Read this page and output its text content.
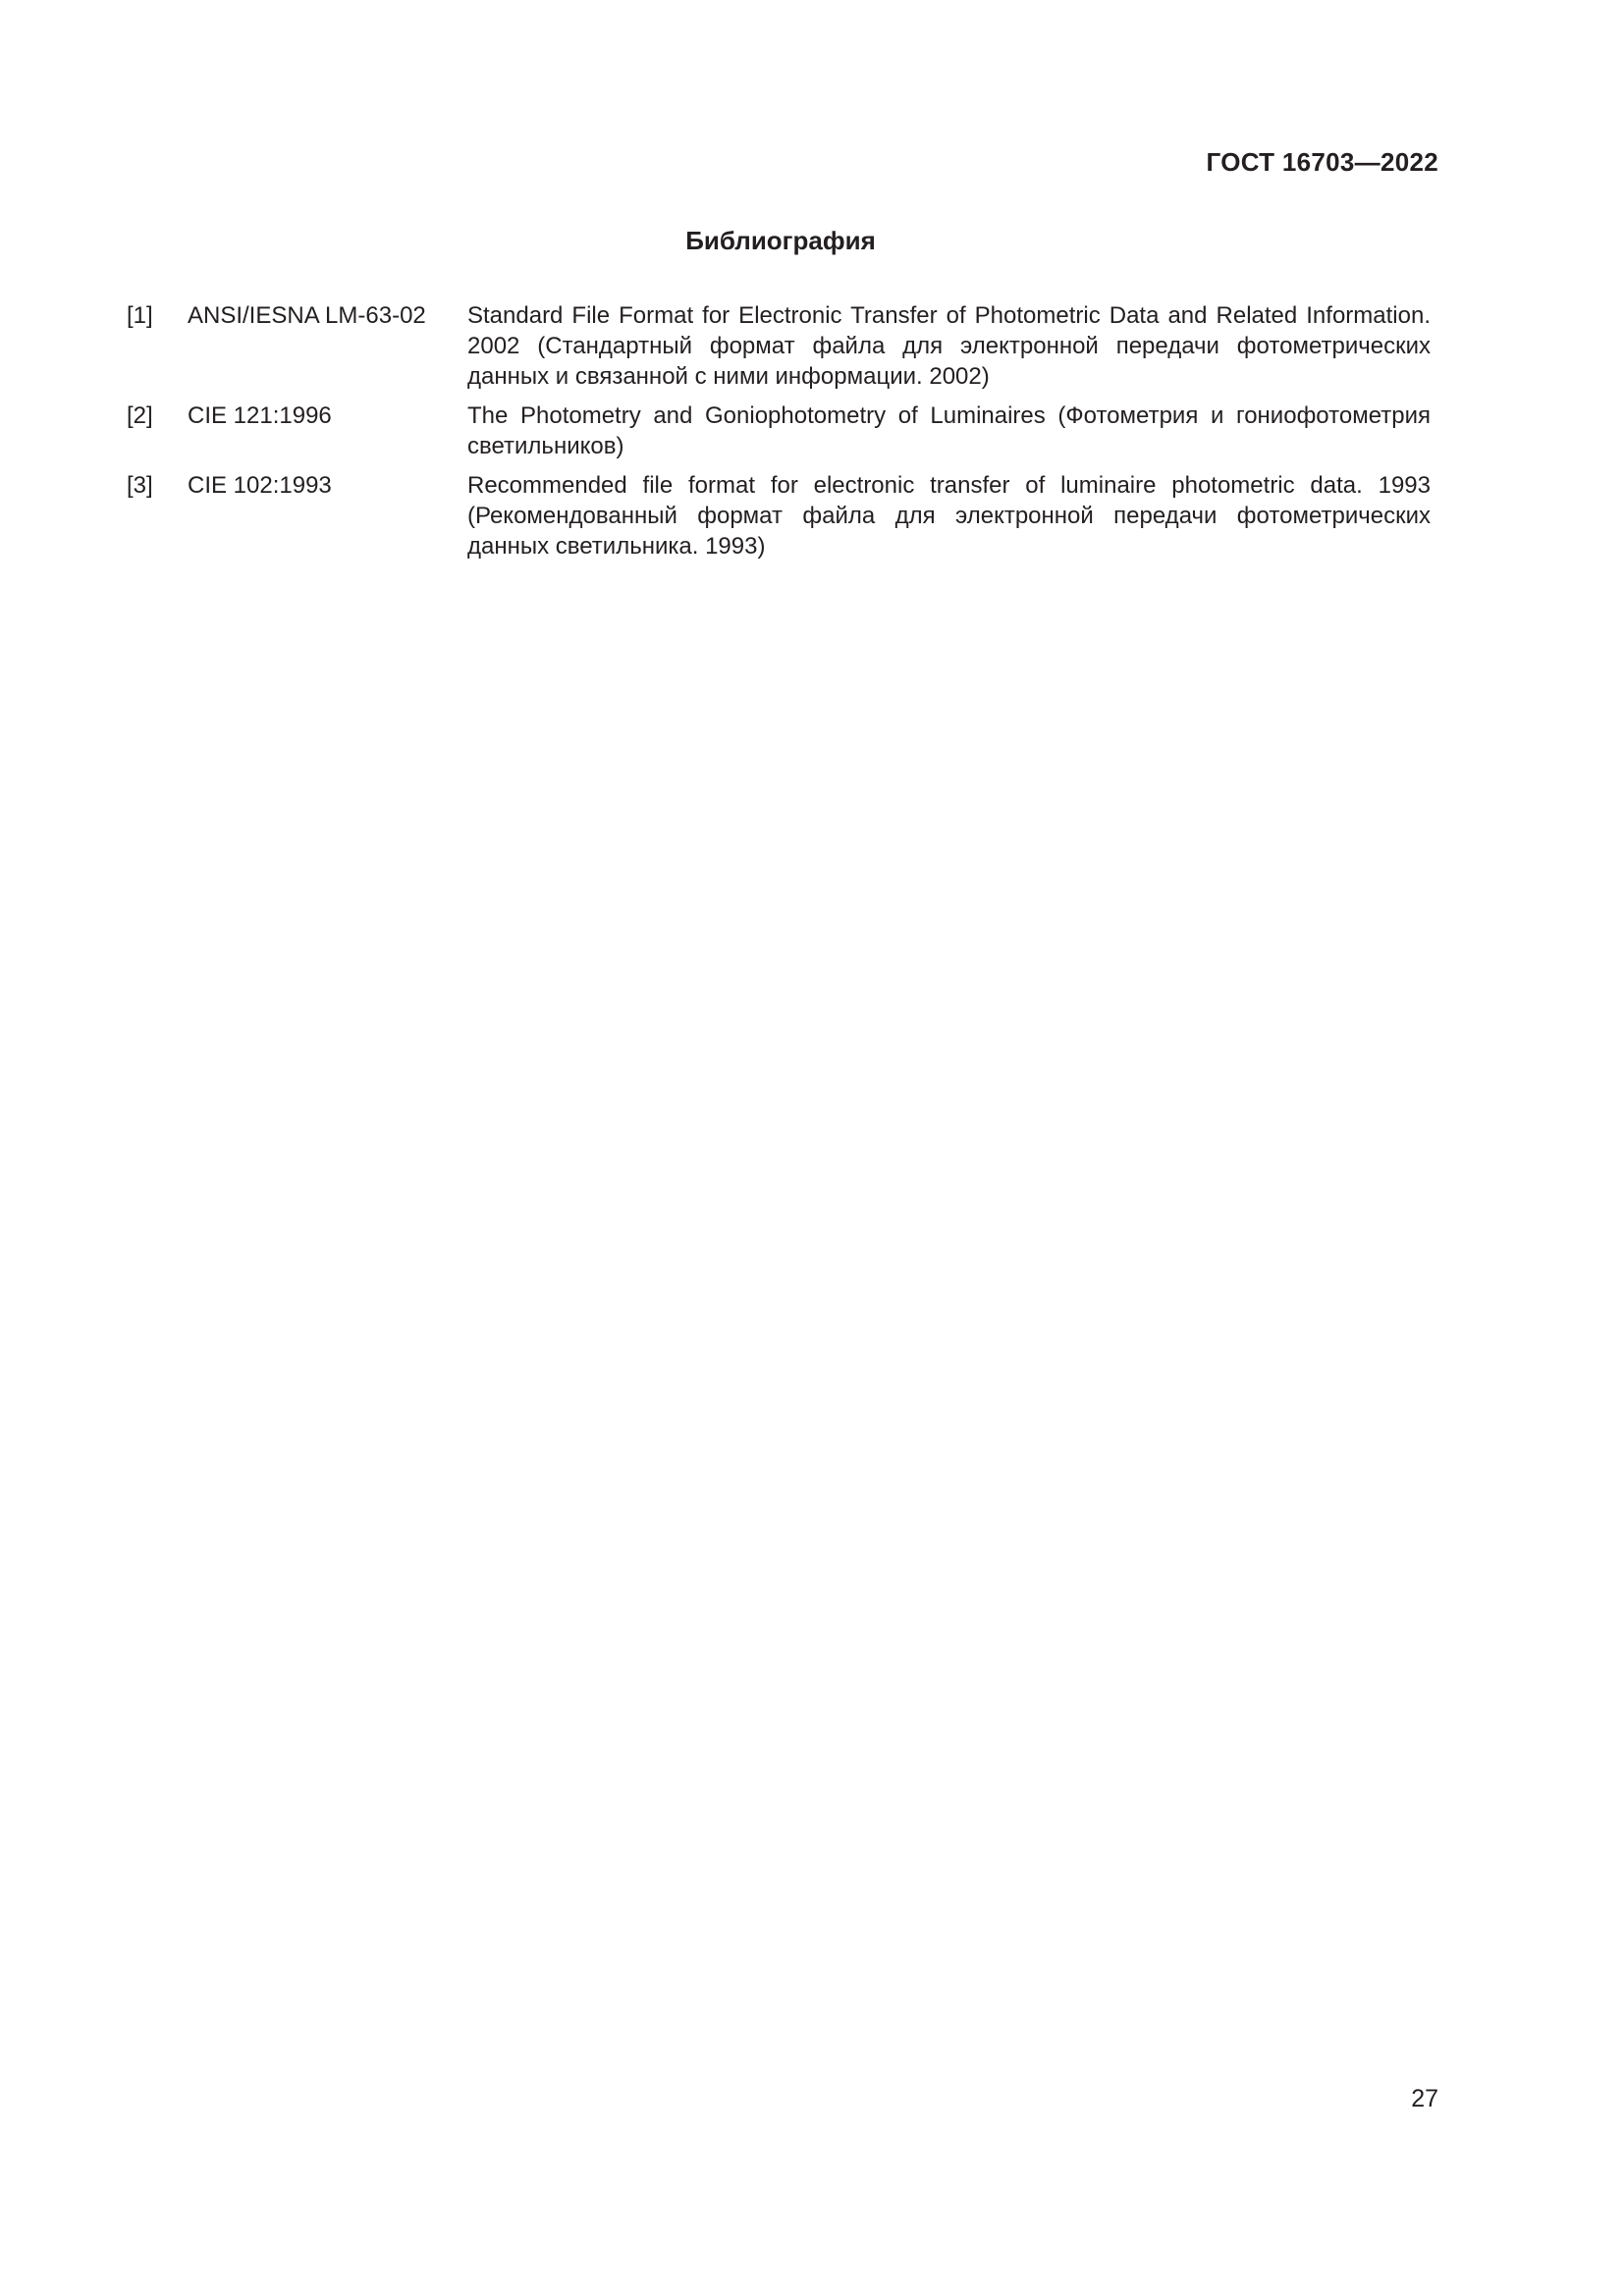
ГОСТ 16703—2022
Библиография
[1]	ANSI/IESNA LM-63-02	Standard File Format for Electronic Transfer of Photometric Data and Related Information. 2002 (Стандартный формат файла для электронной передачи фотометрических данных и связанной с ними информации. 2002)
[2]	CIE 121:1996	The Photometry and Goniophotometry of Luminaires (Фотометрия и гониофотометрия светильников)
[3]	CIE 102:1993	Recommended file format for electronic transfer of luminaire photometric data. 1993 (Рекомендованный формат файла для электронной передачи фотометрических данных светильника. 1993)
27
